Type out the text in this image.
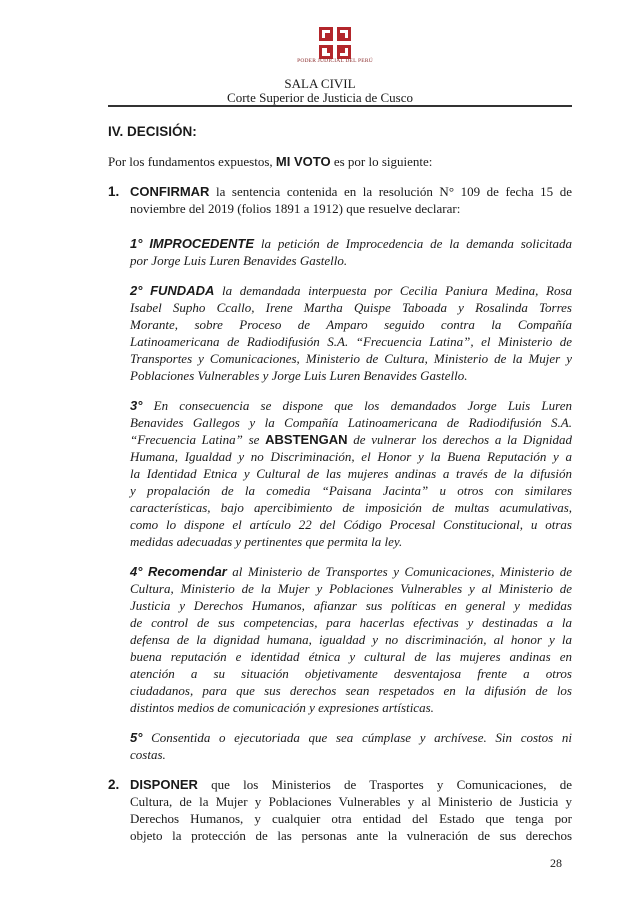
PODER JUDICIAL DEL PERÚ
SALA CIVIL
Corte Superior de Justicia de Cusco
IV. DECISIÓN:
Por los fundamentos expuestos, MI VOTO es por lo siguiente:
1. CONFIRMAR la sentencia contenida en la resolución N° 109 de fecha 15 de
noviembre del 2019 (folios 1891 a 1912) que resuelve declarar:
1° IMPROCEDENTE la petición de Improcedencia de la demanda solicitada
por Jorge Luis Luren Benavides Gastello.
2° FUNDADA la demandada interpuesta por Cecilia Paniura Medina, Rosa
Isabel Supho Ccallo, Irene Martha Quispe Taboada y Rosalinda Torres
Morante, sobre Proceso de Amparo seguido contra la Compañía
Latinoamericana de Radiodifusión S.A. “Frecuencia Latina”, el Ministerio de
Transportes y Comunicaciones, Ministerio de Cultura, Ministerio de la Mujer y
Poblaciones Vulnerables y Jorge Luis Luren Benavides Gastello.
3° En consecuencia se dispone que los demandados Jorge Luis Luren
Benavides Gallegos y la Compañía Latinoamericana de Radiodifusión S.A.
“Frecuencia Latina” se ABSTENGAN de vulnerar los derechos a la Dignidad
Humana, Igualdad y no Discriminación, el Honor y la Buena Reputación y a
la Identidad Etnica y Cultural de las mujeres andinas a través de la difusión
y propalación de la comedia “Paisana Jacinta” u otros con similares
características, bajo apercibimiento de imposición de multas acumulativas,
como lo dispone el artículo 22 del Código Procesal Constitucional, u otras
medidas adecuadas y pertinentes que permita la ley.
4° Recomendar al Ministerio de Transportes y Comunicaciones, Ministerio de
Cultura, Ministerio de la Mujer y Poblaciones Vulnerables y al Ministerio de
Justicia y Derechos Humanos, afianzar sus políticas en general y medidas
de control de sus competencias, para hacerlas efectivas y destinadas a la
defensa de la dignidad humana, igualdad y no discriminación, al honor y la
buena reputación e identidad étnica y cultural de las mujeres andinas en
atención a su situación objetivamente desventajosa frente a otros
ciudadanos, para que sus derechos sean respetados en la difusión de los
distintos medios de comunicación y expresiones artísticas.
5° Consentida o ejecutoriada que sea cúmplase y archívese. Sin costos ni
costas.
2. DISPONER que los Ministerios de Trasportes y Comunicaciones, de
Cultura, de la Mujer y Poblaciones Vulnerables y al Ministerio de Justicia y
Derechos Humanos, y cualquier otra entidad del Estado que tenga por
objeto la protección de las personas ante la vulneración de sus derechos
28
